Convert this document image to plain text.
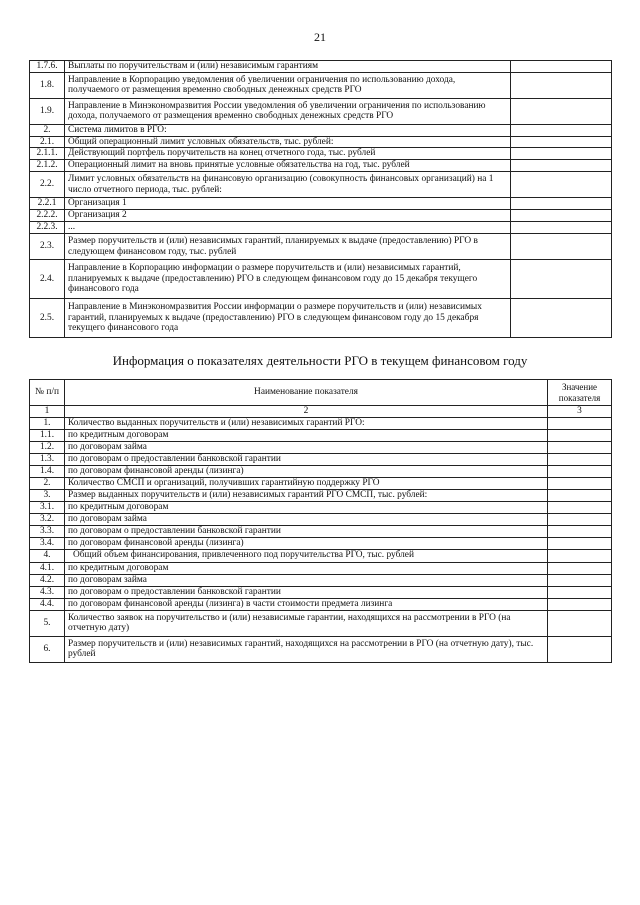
21
1.7.6.	Выплаты по поручительствам и (или) независимым гарантиям	
1.8.	Направление в Корпорацию уведомления об увеличении ограничения по использованию дохода, получаемого от размещения временно свободных денежных средств РГО	
1.9.	Направление в Минэкономразвития России уведомления об увеличении ограничения по использованию дохода, получаемого от размещения временно свободных денежных средств РГО	
2.	Система лимитов в РГО:	
2.1.	Общий операционный лимит условных обязательств, тыс. рублей:	
2.1.1.	Действующий портфель поручительств на конец отчетного года, тыс. рублей	
2.1.2.	Операционный лимит на вновь принятые условные обязательства на год, тыс. рублей	
2.2.	Лимит условных обязательств на финансовую организацию (совокупность финансовых организаций) на 1 число отчетного периода, тыс. рублей:	
2.2.1	Организация 1	
2.2.2.	Организация 2	
2.2.3.	...	
2.3.	Размер поручительств и (или) независимых гарантий, планируемых к выдаче (предоставлению) РГО в следующем финансовом году, тыс. рублей	
2.4.	Направление в Корпорацию информации о размере поручительств и (или) независимых гарантий, планируемых к выдаче (предоставлению) РГО в следующем финансовом году до 15 декабря текущего финансового года	
2.5.	Направление в Минэкономразвития России информации о размере поручительств и (или) независимых гарантий, планируемых к выдаче (предоставлению) РГО в следующем финансовом году до 15 декабря текущего финансового года	
Информация о показателях деятельности РГО в текущем финансовом году
№ п/п	Наименование показателя	Значение показателя
1	2	3
1.	Количество выданных поручительств и (или) независимых гарантий РГО:	
1.1.	по кредитным договорам	
1.2.	по договорам займа	
1.3.	по договорам о предоставлении банковской гарантии	
1.4.	по договорам финансовой аренды (лизинга)	
2.	Количество СМСП и организаций, получивших гарантийную поддержку РГО	
3.	Размер выданных поручительств и (или) независимых гарантий РГО СМСП, тыс. рублей:	
3.1.	по кредитным договорам	
3.2.	по договорам займа	
3.3.	по договорам о предоставлении банковской гарантии	
3.4.	по договорам финансовой аренды (лизинга)	
4.	Общий объем финансирования, привлеченного под поручительства РГО, тыс. рублей	
4.1.	по кредитным договорам	
4.2.	по договорам займа	
4.3.	по договорам о предоставлении банковской гарантии	
4.4.	по договорам финансовой аренды (лизинга) в части стоимости предмета лизинга	
5.	Количество заявок на поручительство и (или) независимые гарантии, находящихся на рассмотрении в РГО (на отчетную дату)	
6.	Размер поручительств и (или) независимых гарантий, находящихся на рассмотрении в РГО (на отчетную дату), тыс. рублей	
